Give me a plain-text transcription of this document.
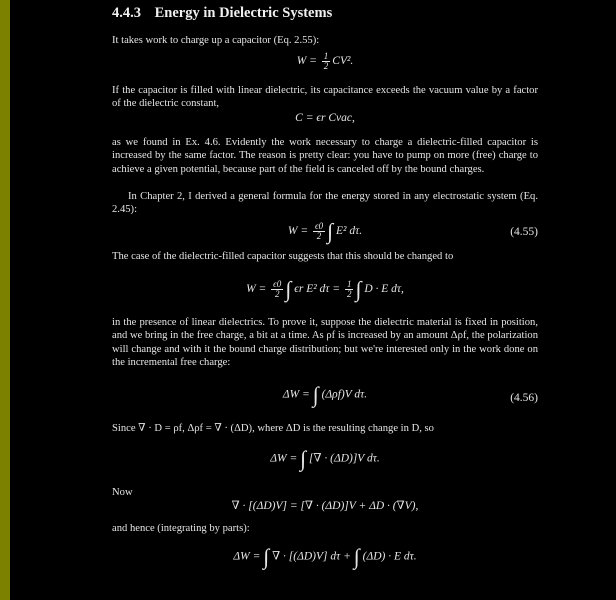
4.4.3 Energy in Dielectric Systems
It takes work to charge up a capacitor (Eq. 2.55):
$W = \frac{1}{2} CV^2$.
If the capacitor is filled with linear dielectric, its capacitance exceeds the vacuum value by a factor of the dielectric constant,
C = ϵr Cvac,
as we found in Ex. 4.6. Evidently the work necessary to charge a dielectric-filled capacitor is increased by the same factor. The reason is pretty clear: you have to pump on more (free) charge to achieve a given potential, because part of the field is canceled off by the bound charges.
In Chapter 2, I derived a general formula for the energy stored in any electrostatic system (Eq. 2.45):
$W = \frac{\epsilon 0}{2}$ ∫ E² dτ.	(4.55)
The case of the dielectric-filled capacitor suggests that this should be changed to
$W = \frac{\epsilon 0}{2}$ ∫ ϵr E² $d\tau = \frac{1}{2}$ ∫ D · E dτ,
in the presence of linear dielectrics. To prove it, suppose the dielectric material is fixed in position, and we bring in the free charge, a bit at a time. As ρf is increased by an amount Δρf, the polarization will change and with it the bound charge distribution; but we're interested only in the work done on the incremental free charge:
ΔW = ∫ (Δρf)V dτ.	(4.56)
Since ∇ · D = ρf, Δρf = ∇ · (ΔD), where ΔD is the resulting change in D, so
ΔW = ∫ [∇ · (ΔD)]V dτ.
Now
∇ · [(ΔD)V] = [∇ · (ΔD)]V + ΔD · (∇V),
and hence (integrating by parts):
ΔW = ∫ ∇ · [(ΔD)V] dτ + ∫ (ΔD) · E dτ.
